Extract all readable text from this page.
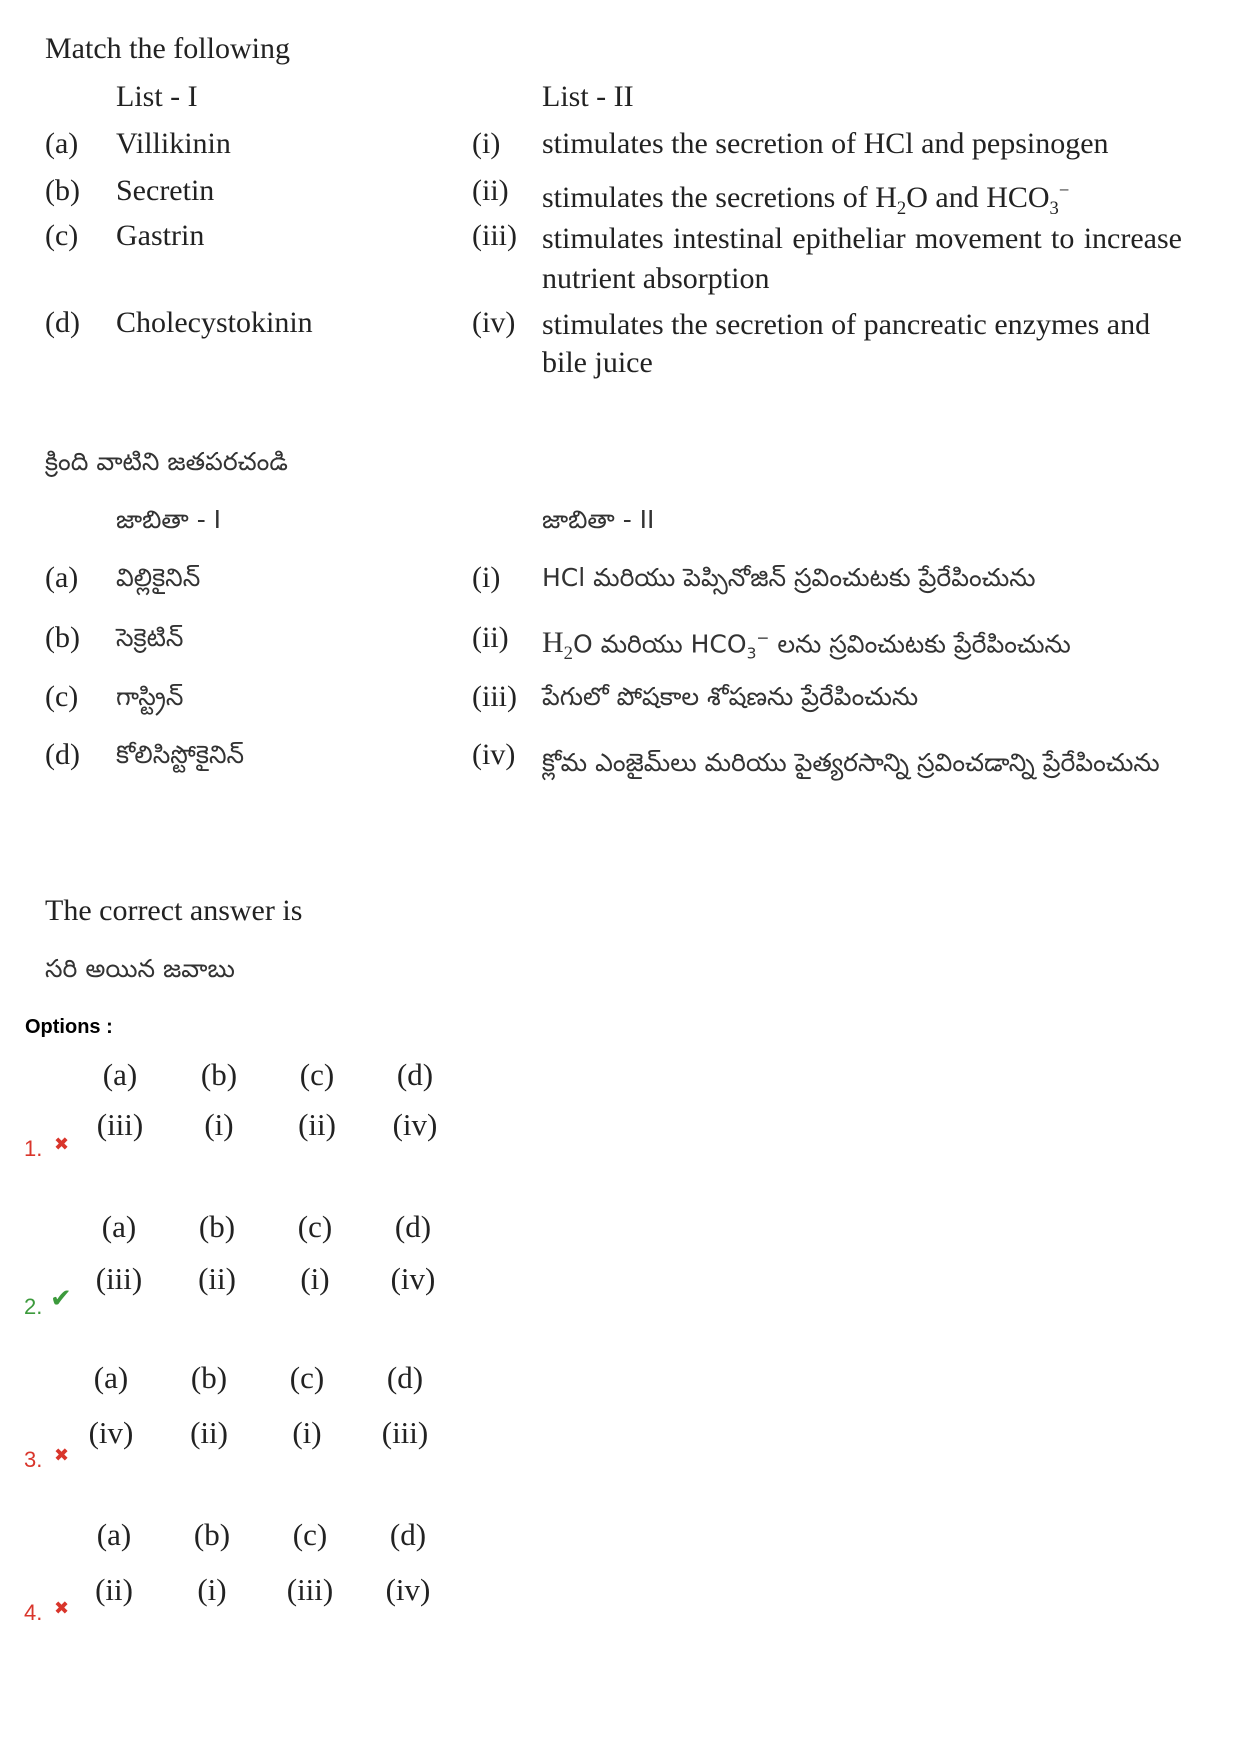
Match the following
List - I	List - II
(a) Villikinin	(i) stimulates the secretion of HCl and pepsinogen
(b) Secretin	(ii) stimulates the secretions of $H_2O$ and $HCO_3^-$
(c) Gastrin	(iii) stimulates intestinal epitheliar movement to increase nutrient absorption
(d) Cholecystokinin	(iv) stimulates the secretion of pancreatic enzymes and bile juice
క్రింది వాటిని జతపరచండి
జాబితా - I	జాబితా - II
(a) విల్లికైనిన్	(i) HCl మరియు పెప్సినోజిన్ స్రవించుటకు ప్రేరేపించును
(b) సెక్రెటిన్	(ii) $H_2O$ మరియు $HCO_3^-$ లను స్రవించుటకు ప్రేరేపించును
(c) గాస్ట్రిన్	(iii) పేగులో పోషకాల శోషణను ప్రేరేపించును
(d) కోలిసిస్టోకైనిన్	(iv) క్లోమ ఎంజైమ్‌లు మరియు పైత్యరసాన్ని స్రవించడాన్ని ప్రేరేపించును
The correct answer is
సరి అయిన జవాబు
Options :
(a)	(b)	(c)	(d)
(iii)	(i)	(ii)	(iv)
1. ✖
(a)	(b)	(c)	(d)
(iii)	(ii)	(i)	(iv)
2. ✔
(a)	(b)	(c)	(d)
(iv)	(ii)	(i)	(iii)
3. ✖
(a)	(b)	(c)	(d)
(ii)	(i)	(iii)	(iv)
4. ✖
